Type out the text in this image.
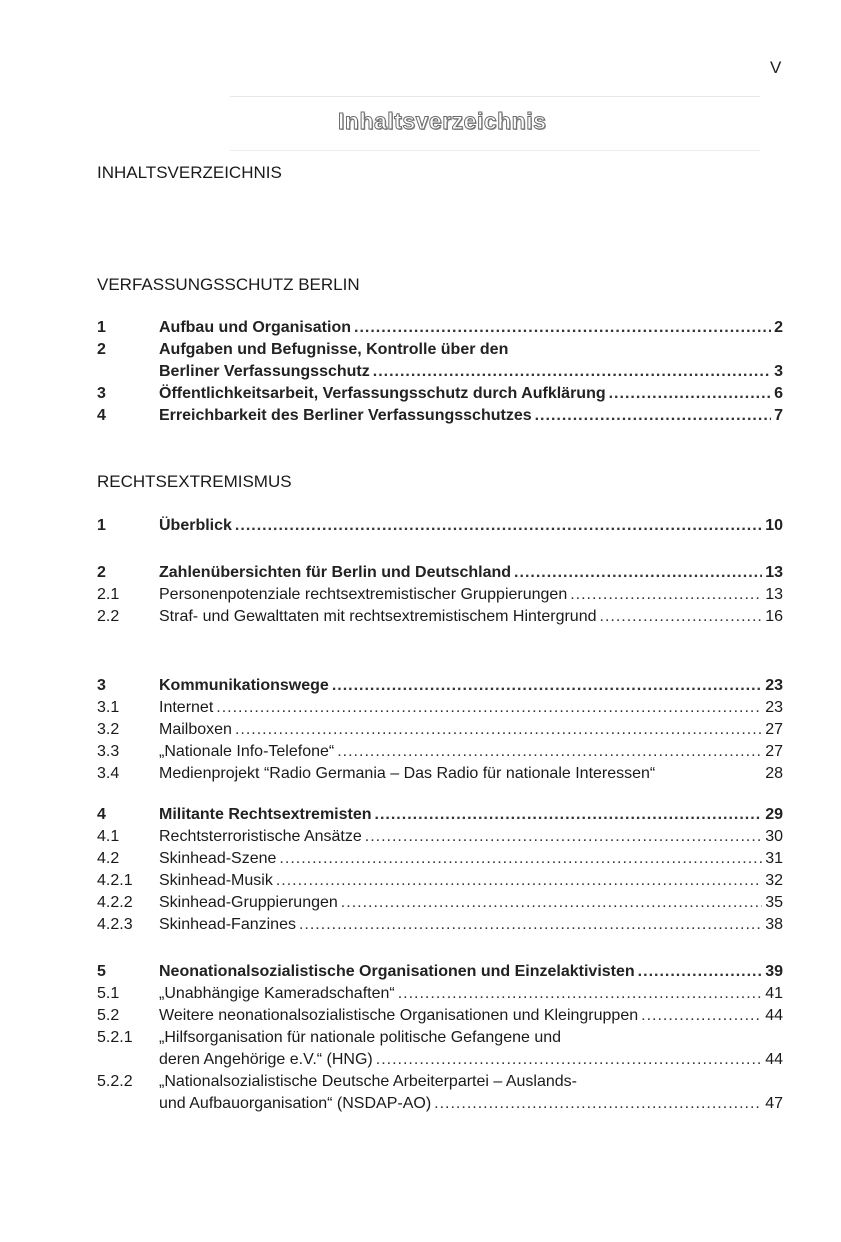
V
Inhaltsverzeichnis
INHALTSVERZEICHNIS
VERFASSUNGSSCHUTZ BERLIN
1	Aufbau und Organisation .....	2
2	Aufgaben und Befugnisse, Kontrolle über den
Berliner Verfassungsschutz .....	3
3	Öffentlichkeitsarbeit, Verfassungsschutz durch Aufklärung .....	6
4	Erreichbarkeit des Berliner Verfassungsschutzes .....	7
RECHTSEXTREMISMUS
1	Überblick .....	10
2	Zahlenübersichten für Berlin und Deutschland .....	13
2.1	Personenpotenziale rechtsextremistischer Gruppierungen .....	13
2.2	Straf- und Gewalttaten mit rechtsextremistischem Hintergrund .....	16
3	Kommunikationswege .....	23
3.1	Internet .....	23
3.2	Mailboxen .....	27
3.3	„Nationale Info-Telefone“ .....	27
3.4	Medienprojekt “Radio Germania – Das Radio für nationale Interessen“	28
4	Militante Rechtsextremisten .....	29
4.1	Rechtsterroristische Ansätze .....	30
4.2	Skinhead-Szene .....	31
4.2.1	Skinhead-Musik .....	32
4.2.2	Skinhead-Gruppierungen .....	35
4.2.3	Skinhead-Fanzines .....	38
5	Neonationalsozialistische Organisationen und Einzelaktivisten .....	39
5.1	„Unabhängige Kameradschaften“ .....	41
5.2	Weitere neonationalsozialistische Organisationen und Kleingruppen .....	44
5.2.1	„Hilfsorganisation für nationale politische Gefangene und
deren Angehörige e.V.“ (HNG) .....	44
5.2.2	„Nationalsozialistische Deutsche Arbeiterpartei – Auslands-
und Aufbauorganisation“ (NSDAP-AO) .....	47
